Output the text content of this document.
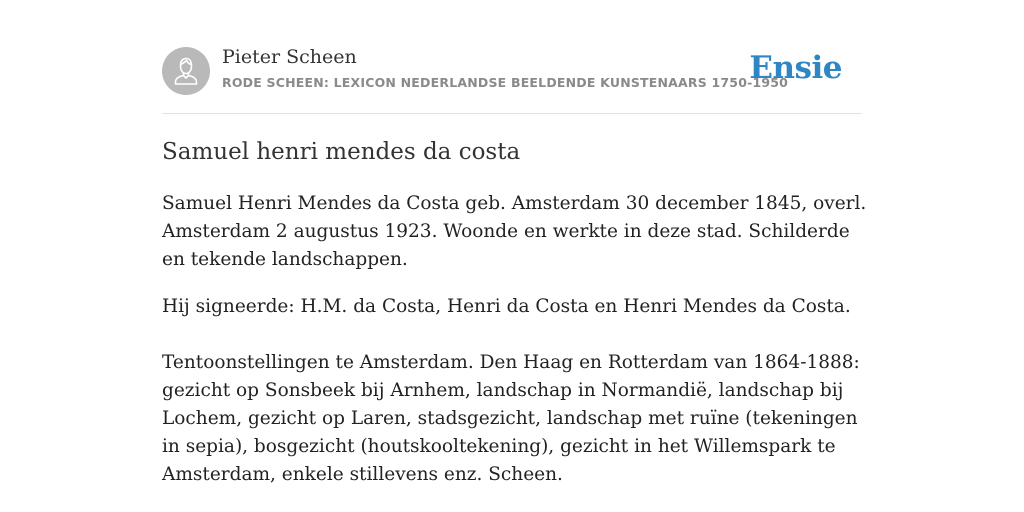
Pieter Scheen
RODE SCHEEN: LEXICON NEDERLANDSE BEELDENDE KUNSTENAARS 1750-1950
Ensie
Samuel henri mendes da costa

Samuel Henri Mendes da Costa geb. Amsterdam 30 december 1845, overl. Amsterdam 2 augustus 1923. Woonde en werkte in deze stad. Schilderde en tekende landschappen.

Hij signeerde: H.M. da Costa, Henri da Costa en Henri Mendes da Costa.

Tentoonstellingen te Amsterdam. Den Haag en Rotterdam van 1864-1888: gezicht op Sonsbeek bij Arnhem, landschap in Normandië, landschap bij Lochem, gezicht op Laren, stadsgezicht, landschap met ruïne (tekeningen in sepia), bosgezicht (houtskooltekening), gezicht in het Willemspark te Amsterdam, enkele stillevens enz. Scheen.
